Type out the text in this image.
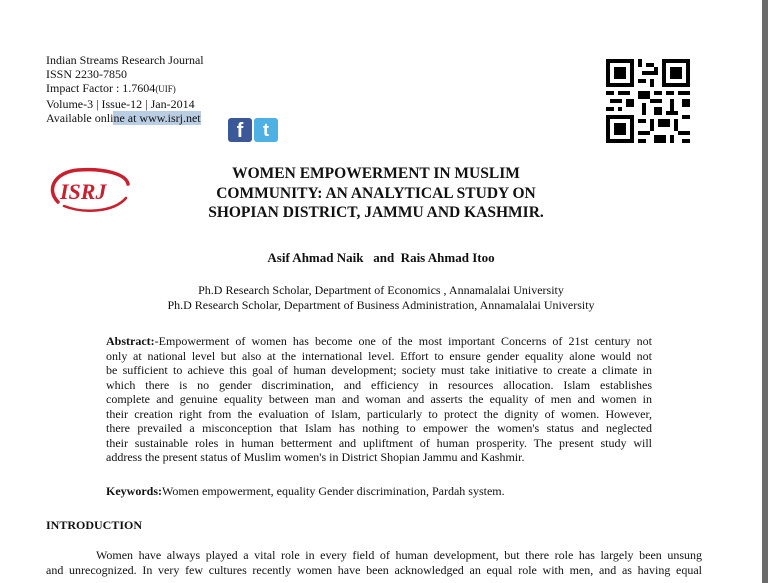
Indian Streams Research Journal
ISSN 2230-7850
Impact Factor : 1.7604(UIF)
Volume-3 | Issue-12 | Jan-2014
Available online at www.isrj.net
f	t
ISRJ
WOMEN EMPOWERMENT IN MUSLIM
COMMUNITY: AN ANALYTICAL STUDY ON
SHOPIAN DISTRICT, JAMMU AND KASHMIR.
Asif Ahmad Naik   and  Rais Ahmad Itoo
Ph.D Research Scholar, Department of Economics , Annamalalai University
Ph.D Research Scholar, Department of Business Administration, Annamalalai University
Abstract:-Empowerment of women has become one of the most important Concerns of 21st century not
only at national level but also at the international level. Effort to ensure gender equality alone would not
be sufficient to achieve this goal of human development; society must take initiative to create a climate in
which there is no gender discrimination, and efficiency in resources allocation. Islam establishes
complete and genuine equality between man and woman and asserts the equality of men and women in
their creation right from the evaluation of Islam, particularly to protect the dignity of women. However,
there prevailed a misconception that Islam has nothing to empower the women's status and neglected
their sustainable roles in human betterment and upliftment of human prosperity. The present study will
address the present status of Muslim women's in District Shopian Jammu and Kashmir.
Keywords:Women empowerment, equality Gender discrimination, Pardah system.
INTRODUCTION
Women have always played a vital role in every field of human development, but there role has largely been unsung
and unrecognized. In very few cultures recently women have been acknowledged an equal role with men, and as having equal
